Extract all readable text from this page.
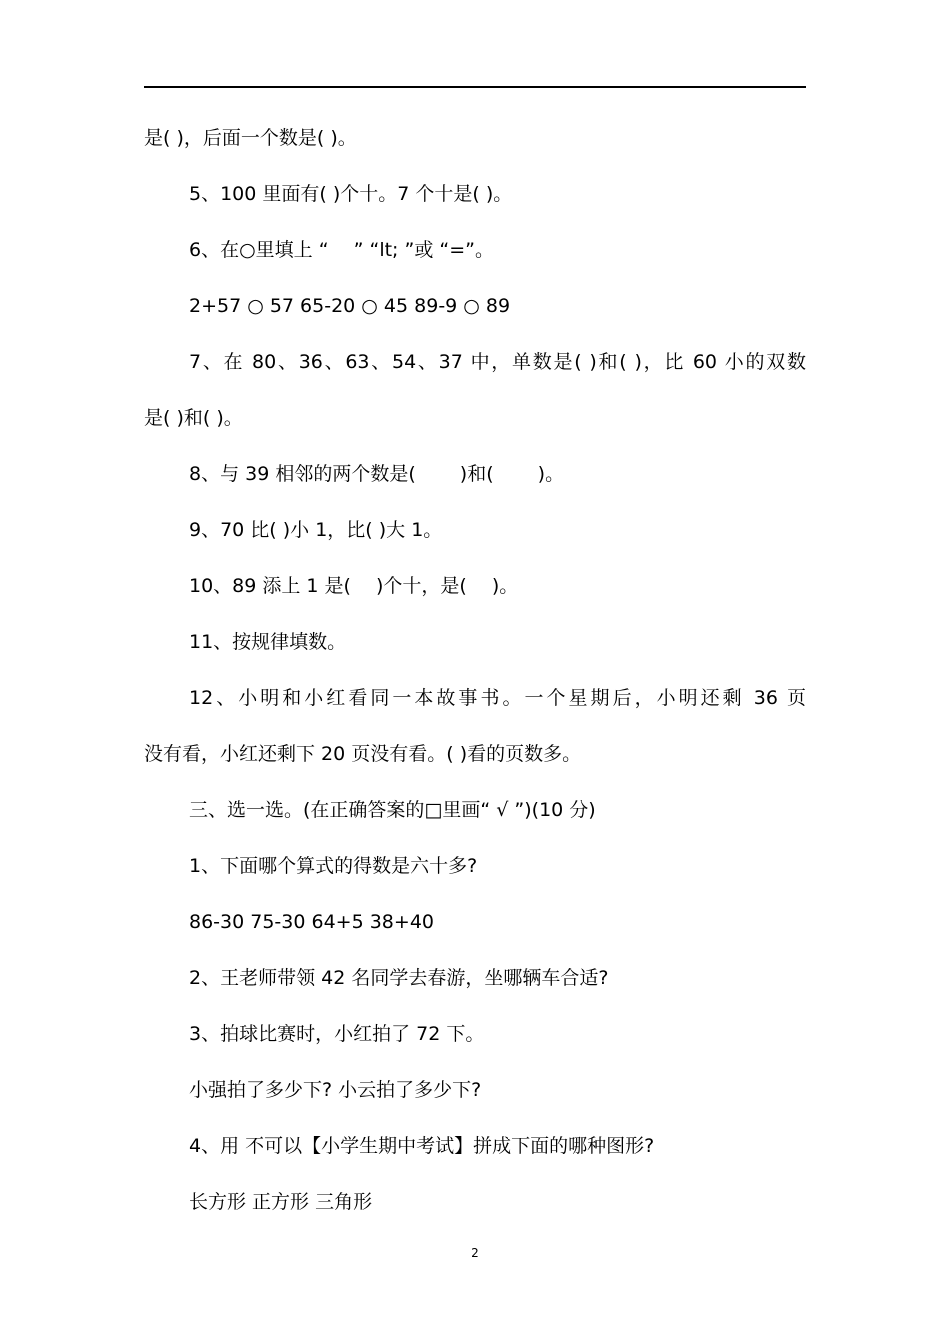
是( )，后面一个数是( )。
5、100 里面有( )个十。7 个十是( )。
6、在○里填上 “　 ” “lt; ”或 “=”。
2+57 ○ 57 65-20 ○ 45 89-9 ○ 89
7、在 80、36、63、54、37 中，单数是( )和( )，比 60 小的双数
是( )和( )。
8、与 39 相邻的两个数是(　　 )和(　　 )。
9、70 比( )小 1，比( )大 1。
10、89 添上 1 是(　 )个十，是(　 )。
11、按规律填数。
12、小明和小红看同一本故事书。一个星期后，小明还剩 36 页
没有看，小红还剩下 20 页没有看。( )看的页数多。
三、选一选。(在正确答案的□里画“ √ ”)(10 分)
1、下面哪个算式的得数是六十多?
86-30 75-30 64+5 38+40
2、王老师带领 42 名同学去春游，坐哪辆车合适?
3、拍球比赛时，小红拍了 72 下。
小强拍了多少下? 小云拍了多少下?
4、用 不可以【小学生期中考试】拼成下面的哪种图形?
长方形 正方形 三角形
2
